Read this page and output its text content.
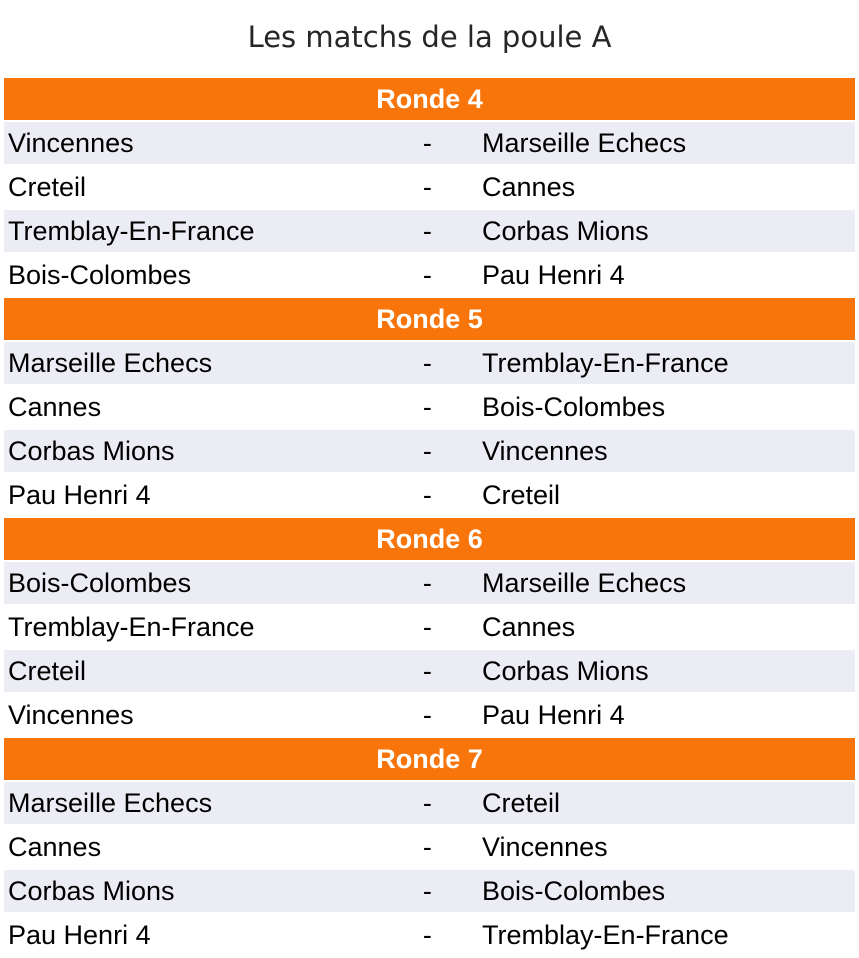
Les matchs de la poule A
Ronde 4		
Vincennes	-	Marseille Echecs
Creteil	-	Cannes
Tremblay-En-France	-	Corbas Mions
Bois-Colombes	-	Pau Henri 4
Ronde 5		
Marseille Echecs	-	Tremblay-En-France
Cannes	-	Bois-Colombes
Corbas Mions	-	Vincennes
Pau Henri 4	-	Creteil
Ronde 6		
Bois-Colombes	-	Marseille Echecs
Tremblay-En-France	-	Cannes
Creteil	-	Corbas Mions
Vincennes	-	Pau Henri 4
Ronde 7		
Marseille Echecs	-	Creteil
Cannes	-	Vincennes
Corbas Mions	-	Bois-Colombes
Pau Henri 4	-	Tremblay-En-France
